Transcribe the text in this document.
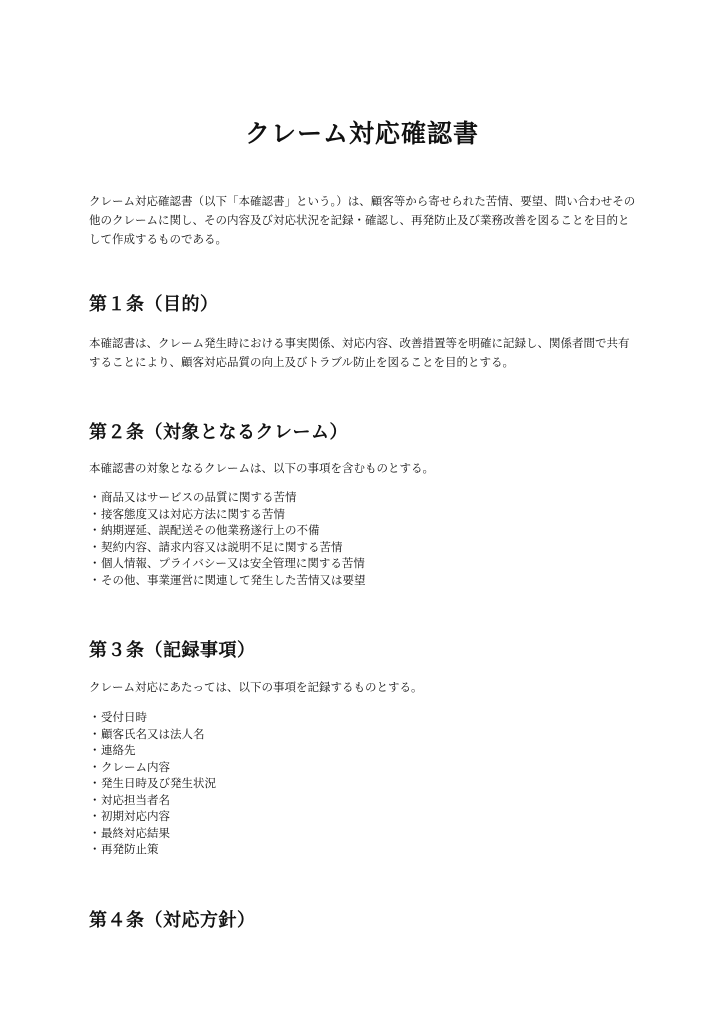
クレーム対応確認書

クレーム対応確認書（以下「本確認書」という。）は、顧客等から寄せられた苦情、要望、問い合わせその他のクレームに関し、その内容及び対応状況を記録・確認し、再発防止及び業務改善を図ることを目的として作成するものである。

第１条（目的）

本確認書は、クレーム発生時における事実関係、対応内容、改善措置等を明確に記録し、関係者間で共有することにより、顧客対応品質の向上及びトラブル防止を図ることを目的とする。

第２条（対象となるクレーム）

本確認書の対象となるクレームは、以下の事項を含むものとする。

・商品又はサービスの品質に関する苦情
・接客態度又は対応方法に関する苦情
・納期遅延、誤配送その他業務遂行上の不備
・契約内容、請求内容又は説明不足に関する苦情
・個人情報、プライバシー又は安全管理に関する苦情
・その他、事業運営に関連して発生した苦情又は要望
第３条（記録事項）

クレーム対応にあたっては、以下の事項を記録するものとする。

・受付日時
・顧客氏名又は法人名
・連絡先
・クレーム内容
・発生日時及び発生状況
・対応担当者名
・初期対応内容
・最終対応結果
・再発防止策
第４条（対応方針）
